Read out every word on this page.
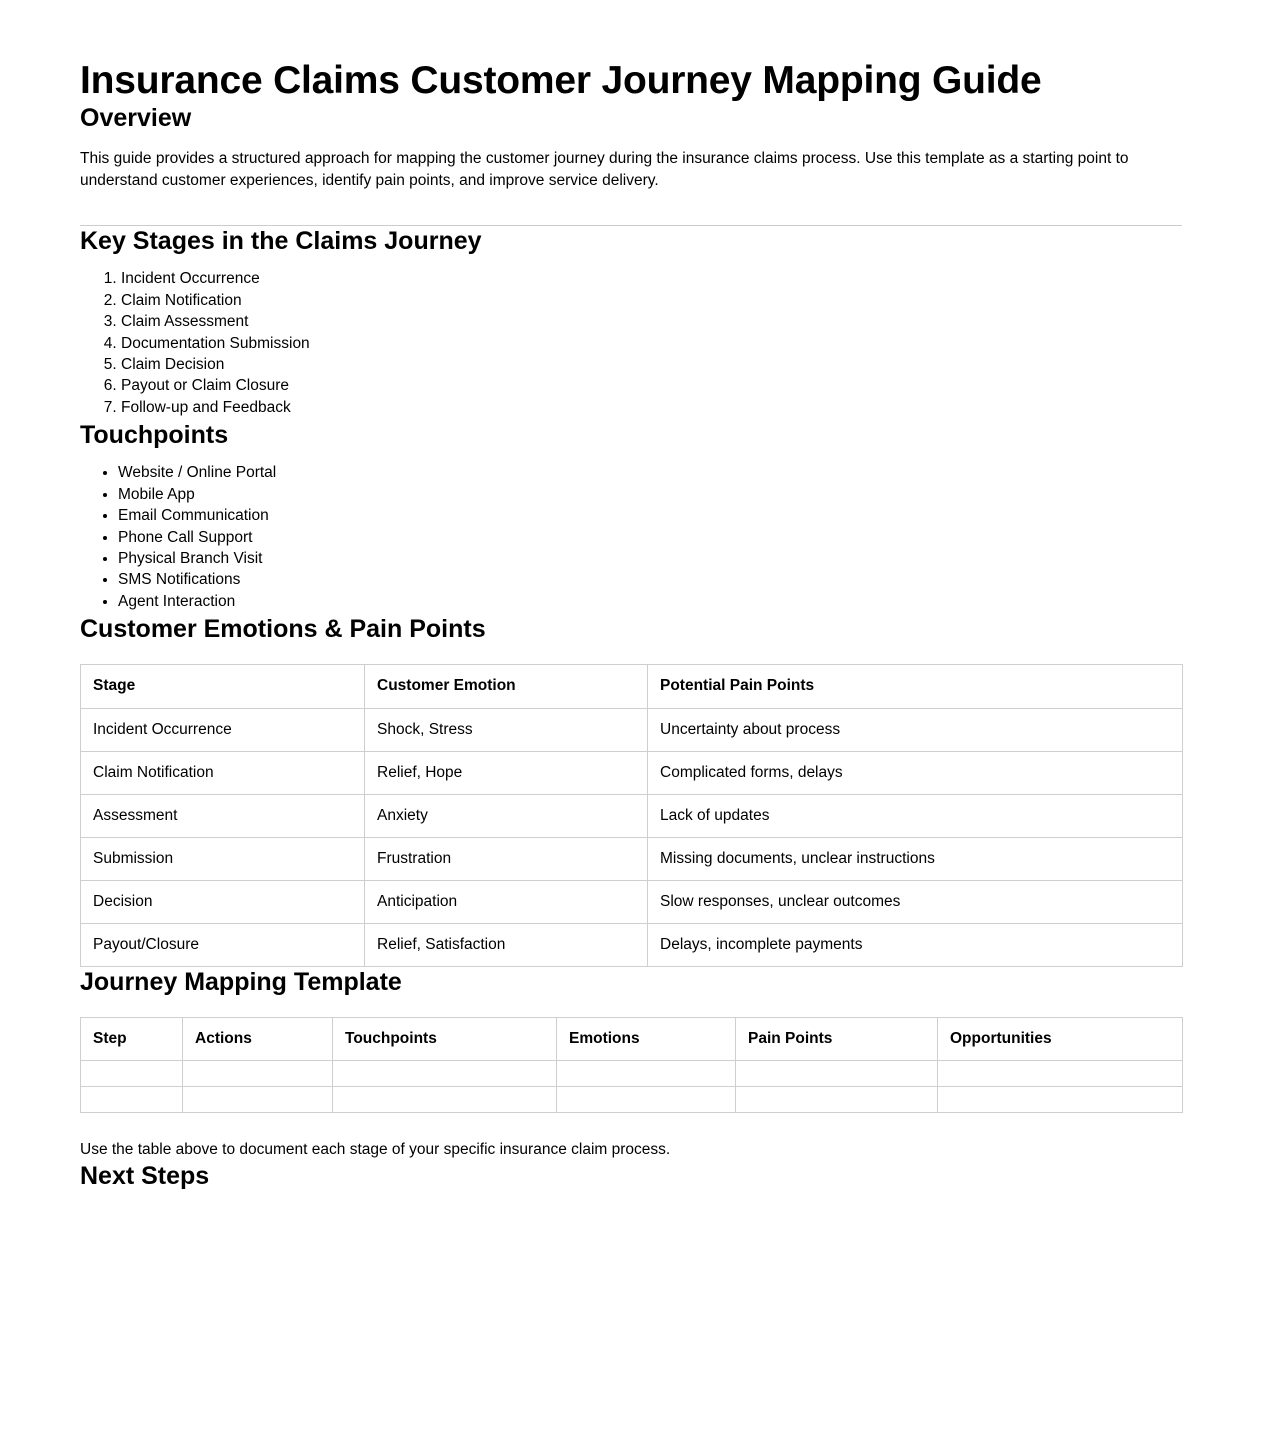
Insurance Claims Customer Journey Mapping Guide
Overview

This guide provides a structured approach for mapping the customer journey during the insurance claims process. Use this template as a starting point to understand customer experiences, identify pain points, and improve service delivery.

Key Stages in the Claims Journey
1. Incident Occurrence
2. Claim Notification
3. Claim Assessment
4. Documentation Submission
5. Claim Decision
6. Payout or Claim Closure
7. Follow-up and Feedback
Touchpoints
• Website / Online Portal
• Mobile App
• Email Communication
• Phone Call Support
• Physical Branch Visit
• SMS Notifications
• Agent Interaction
Customer Emotions & Pain Points
Stage	Customer Emotion	Potential Pain Points
Incident Occurrence	Shock, Stress	Uncertainty about process
Claim Notification	Relief, Hope	Complicated forms, delays
Assessment	Anxiety	Lack of updates
Submission	Frustration	Missing documents, unclear instructions
Decision	Anticipation	Slow responses, unclear outcomes
Payout/Closure	Relief, Satisfaction	Delays, incomplete payments
Journey Mapping Template
Step	Actions	Touchpoints	Emotions	Pain Points	Opportunities

Use the table above to document each stage of your specific insurance claim process.

Next Steps
